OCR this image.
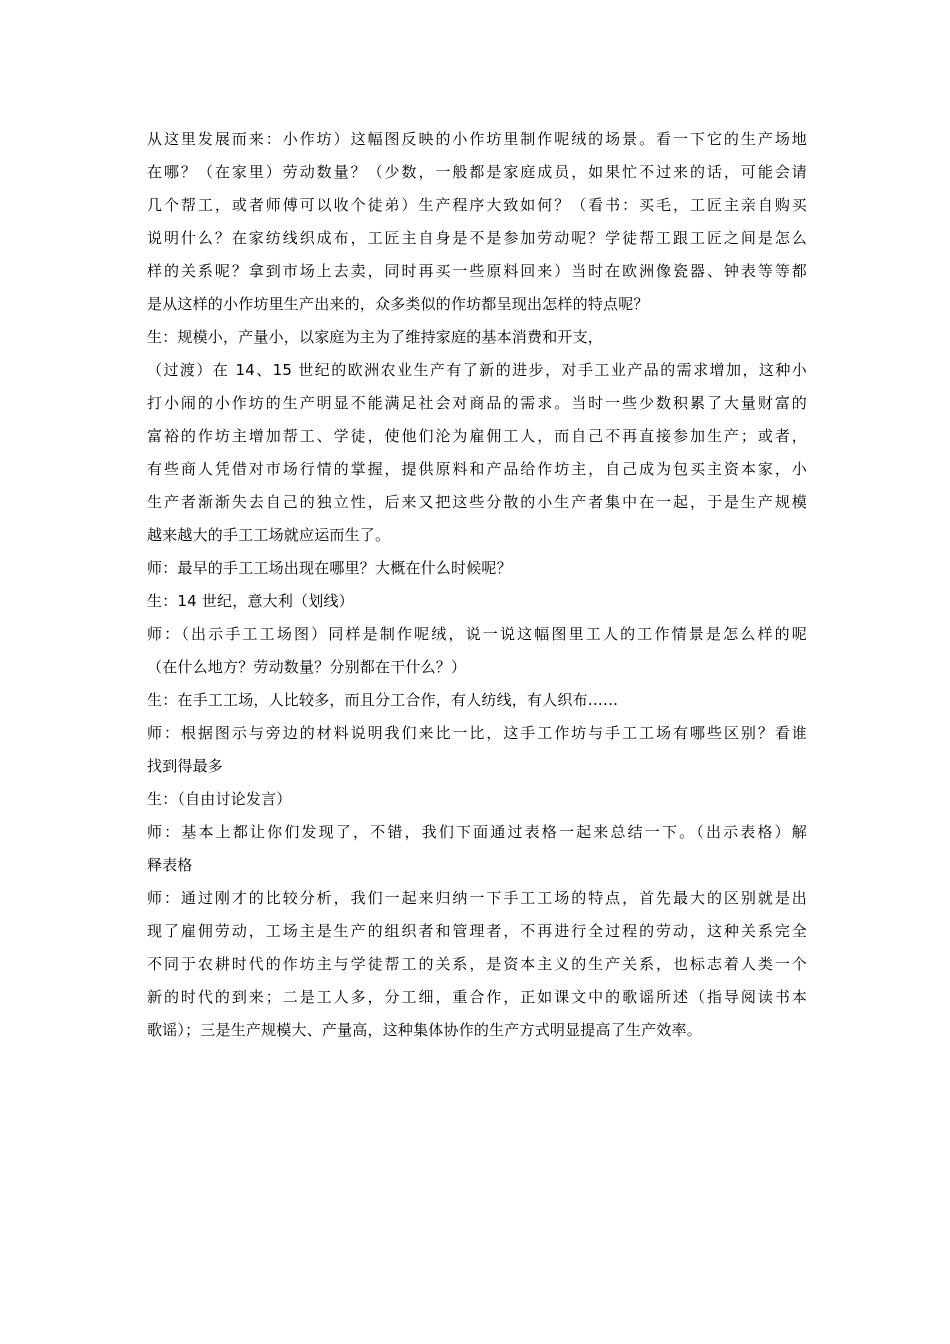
从这里发展而来：小作坊）这幅图反映的小作坊里制作呢绒的场景。看一下它的生产场地
在哪？（在家里）劳动数量？（少数，一般都是家庭成员，如果忙不过来的话，可能会请
几个帮工，或者师傅可以收个徒弟）生产程序大致如何？（看书：买毛，工匠主亲自购买
说明什么？在家纺线织成布，工匠主自身是不是参加劳动呢？学徒帮工跟工匠之间是怎么
样的关系呢？拿到市场上去卖，同时再买一些原料回来）当时在欧洲像瓷器、钟表等等都
是从这样的小作坊里生产出来的，众多类似的作坊都呈现出怎样的特点呢？
生：规模小，产量小，以家庭为主为了维持家庭的基本消费和开支，
（过渡）在 14、15 世纪的欧洲农业生产有了新的进步，对手工业产品的需求增加，这种小
打小闹的小作坊的生产明显不能满足社会对商品的需求。当时一些少数积累了大量财富的
富裕的作坊主增加帮工、学徒，使他们沦为雇佣工人，而自己不再直接参加生产；或者，
有些商人凭借对市场行情的掌握，提供原料和产品给作坊主，自己成为包买主资本家，小
生产者渐渐失去自己的独立性，后来又把这些分散的小生产者集中在一起，于是生产规模
越来越大的手工工场就应运而生了。
师：最早的手工工场出现在哪里？大概在什么时候呢？
生：14 世纪，意大利（划线）
师：（出示手工工场图）同样是制作呢绒，说一说这幅图里工人的工作情景是怎么样的呢
（在什么地方？劳动数量？分别都在干什么？）
生：在手工工场，人比较多，而且分工合作，有人纺线，有人织布……
师：根据图示与旁边的材料说明我们来比一比，这手工作坊与手工工场有哪些区别？看谁
找到得最多
生：（自由讨论发言）
师：基本上都让你们发现了，不错，我们下面通过表格一起来总结一下。（出示表格）解
释表格
师：通过刚才的比较分析，我们一起来归纳一下手工工场的特点，首先最大的区别就是出
现了雇佣劳动，工场主是生产的组织者和管理者，不再进行全过程的劳动，这种关系完全
不同于农耕时代的作坊主与学徒帮工的关系，是资本主义的生产关系，也标志着人类一个
新的时代的到来；二是工人多，分工细，重合作，正如课文中的歌谣所述（指导阅读书本
歌谣）；三是生产规模大、产量高，这种集体协作的生产方式明显提高了生产效率。
